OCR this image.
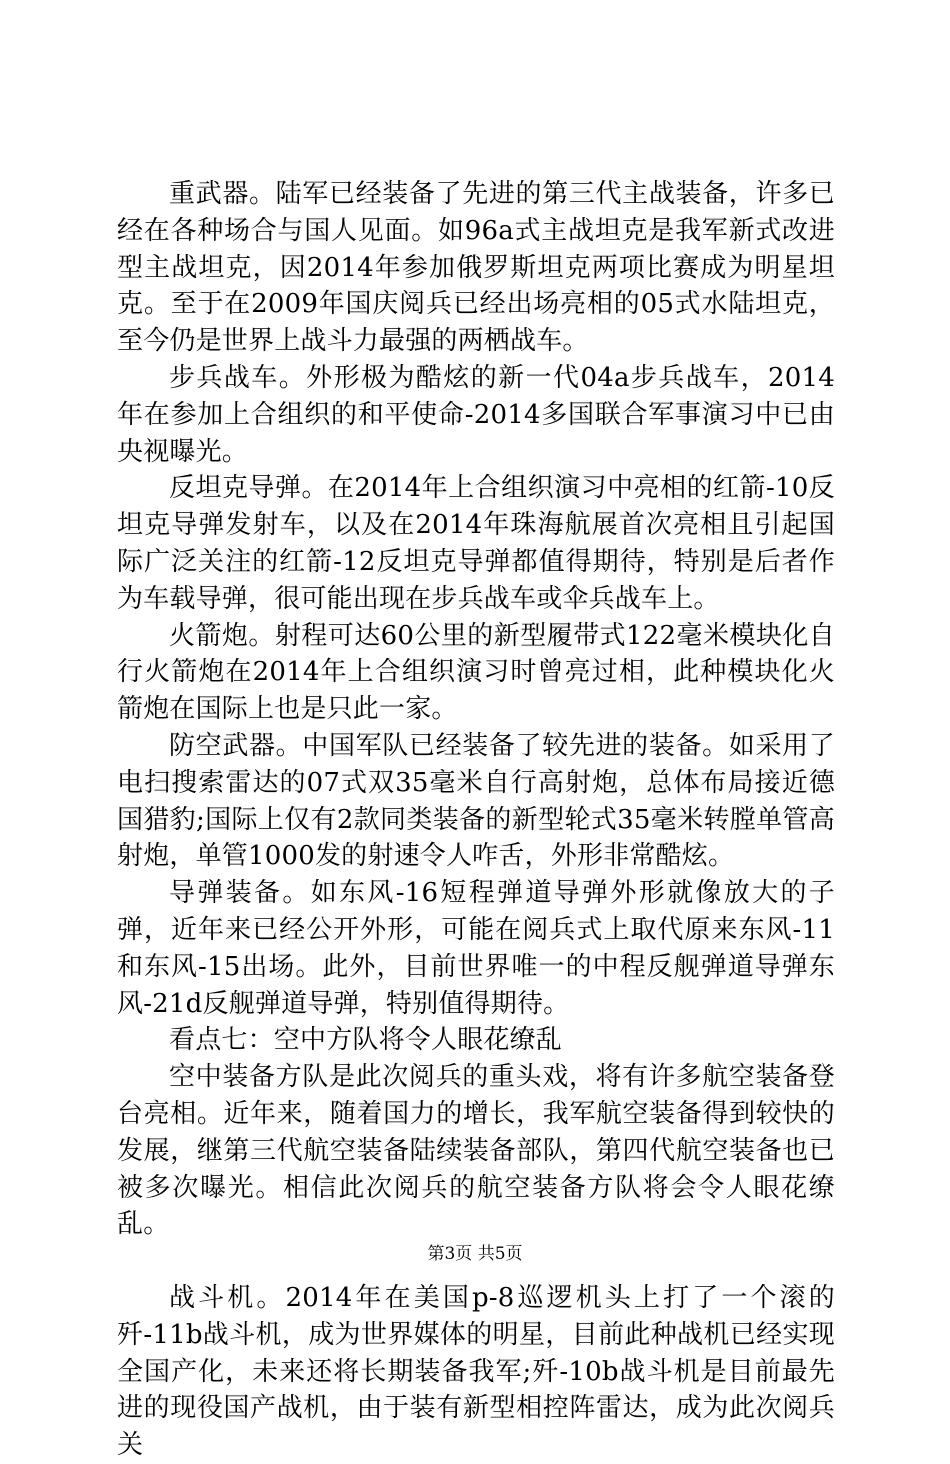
重武器。陆军已经装备了先进的第三代主战装备，许多已经在各种场合与国人见面。如96a式主战坦克是我军新式改进型主战坦克，因2014年参加俄罗斯坦克两项比赛成为明星坦克。至于在2009年国庆阅兵已经出场亮相的05式水陆坦克，至今仍是世界上战斗力最强的两栖战车。

步兵战车。外形极为酷炫的新一代04a步兵战车，2014年在参加上合组织的和平使命-2014多国联合军事演习中已由央视曝光。

反坦克导弹。在2014年上合组织演习中亮相的红箭-10反坦克导弹发射车，以及在2014年珠海航展首次亮相且引起国际广泛关注的红箭-12反坦克导弹都值得期待，特别是后者作为车载导弹，很可能出现在步兵战车或伞兵战车上。

火箭炮。射程可达60公里的新型履带式122毫米模块化自行火箭炮在2014年上合组织演习时曾亮过相，此种模块化火箭炮在国际上也是只此一家。

防空武器。中国军队已经装备了较先进的装备。如采用了电扫搜索雷达的07式双35毫米自行高射炮，总体布局接近德国猎豹;国际上仅有2款同类装备的新型轮式35毫米转膛单管高射炮，单管1000发的射速令人咋舌，外形非常酷炫。

导弹装备。如东风-16短程弹道导弹外形就像放大的子弹，近年来已经公开外形，可能在阅兵式上取代原来东风-11和东风-15出场。此外，目前世界唯一的中程反舰弹道导弹东风-21d反舰弹道导弹，特别值得期待。

看点七：空中方队将令人眼花缭乱

空中装备方队是此次阅兵的重头戏，将有许多航空装备登台亮相。近年来，随着国力的增长，我军航空装备得到较快的发展，继第三代航空装备陆续装备部队，第四代航空装备也已被多次曝光。相信此次阅兵的航空装备方队将会令人眼花缭乱。

战斗机。2014年在美国p-8巡逻机头上打了一个滚的歼-11b战斗机，成为世界媒体的明星，目前此种战机已经实现全国产化，未来还将长期装备我军;歼-10b战斗机是目前最先进的现役国产战机，由于装有新型相控阵雷达，成为此次阅兵关

第3页 共5页
